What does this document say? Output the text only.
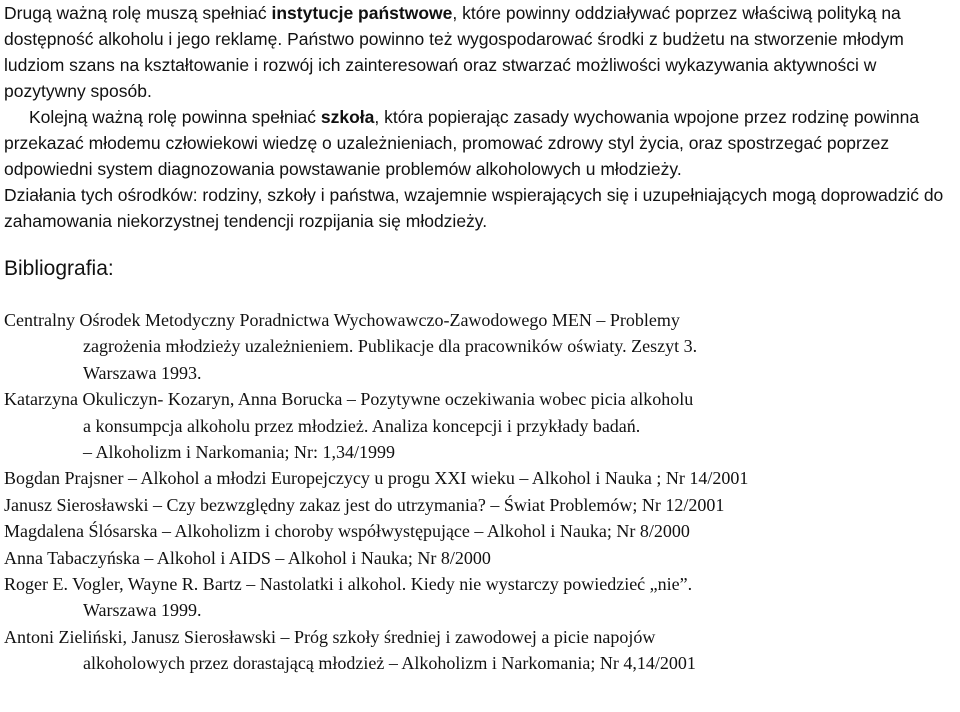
Drugą ważną rolę muszą spełniać instytucje państwowe, które powinny oddziaływać poprzez właściwą polityką na dostępność alkoholu i jego reklamę. Państwo powinno też wygospodarować środki z budżetu na stworzenie młodym ludziom szans na kształtowanie i rozwój ich zainteresowań oraz stwarzać możliwości wykazywania aktywności w pozytywny sposób.

Kolejną ważną rolę powinna spełniać szkoła, która popierając zasady wychowania wpojone przez rodzinę powinna przekazać młodemu człowiekowi wiedzę o uzależnieniach, promować zdrowy styl życia, oraz spostrzegać poprzez odpowiedni system diagnozowania powstawanie problemów alkoholowych u młodzieży.

Działania tych ośrodków: rodziny, szkoły i państwa, wzajemnie wspierających się i uzupełniających mogą doprowadzić do zahamowania niekorzystnej tendencji rozpijania się młodzieży.

Bibliografia:
Centralny Ośrodek Metodyczny Poradnictwa Wychowawczo-Zawodowego MEN – Problemy
zagrożenia młodzieży uzależnieniem. Publikacje dla pracowników oświaty. Zeszyt 3.
Warszawa 1993.
Katarzyna Okuliczyn- Kozaryn, Anna Borucka – Pozytywne oczekiwania wobec picia alkoholu
a konsumpcja alkoholu przez młodzież. Analiza koncepcji i przykłady badań.
– Alkoholizm i Narkomania; Nr: 1,34/1999
Bogdan Prajsner – Alkohol a młodzi Europejczycy u progu XXI wieku – Alkohol i Nauka ; Nr 14/2001
Janusz Sierosławski – Czy bezwzględny zakaz jest do utrzymania? – Świat Problemów; Nr 12/2001
Magdalena Ślósarska – Alkoholizm i choroby współwystępujące – Alkohol i Nauka; Nr 8/2000
Anna Tabaczyńska – Alkohol i AIDS – Alkohol i Nauka; Nr 8/2000
Roger E. Vogler, Wayne R. Bartz – Nastolatki i alkohol. Kiedy nie wystarczy powiedzieć „nie”.
Warszawa 1999.
Antoni Zieliński, Janusz Sierosławski – Próg szkoły średniej i zawodowej a picie napojów
alkoholowych przez dorastającą młodzież – Alkoholizm i Narkomania; Nr 4,14/2001
